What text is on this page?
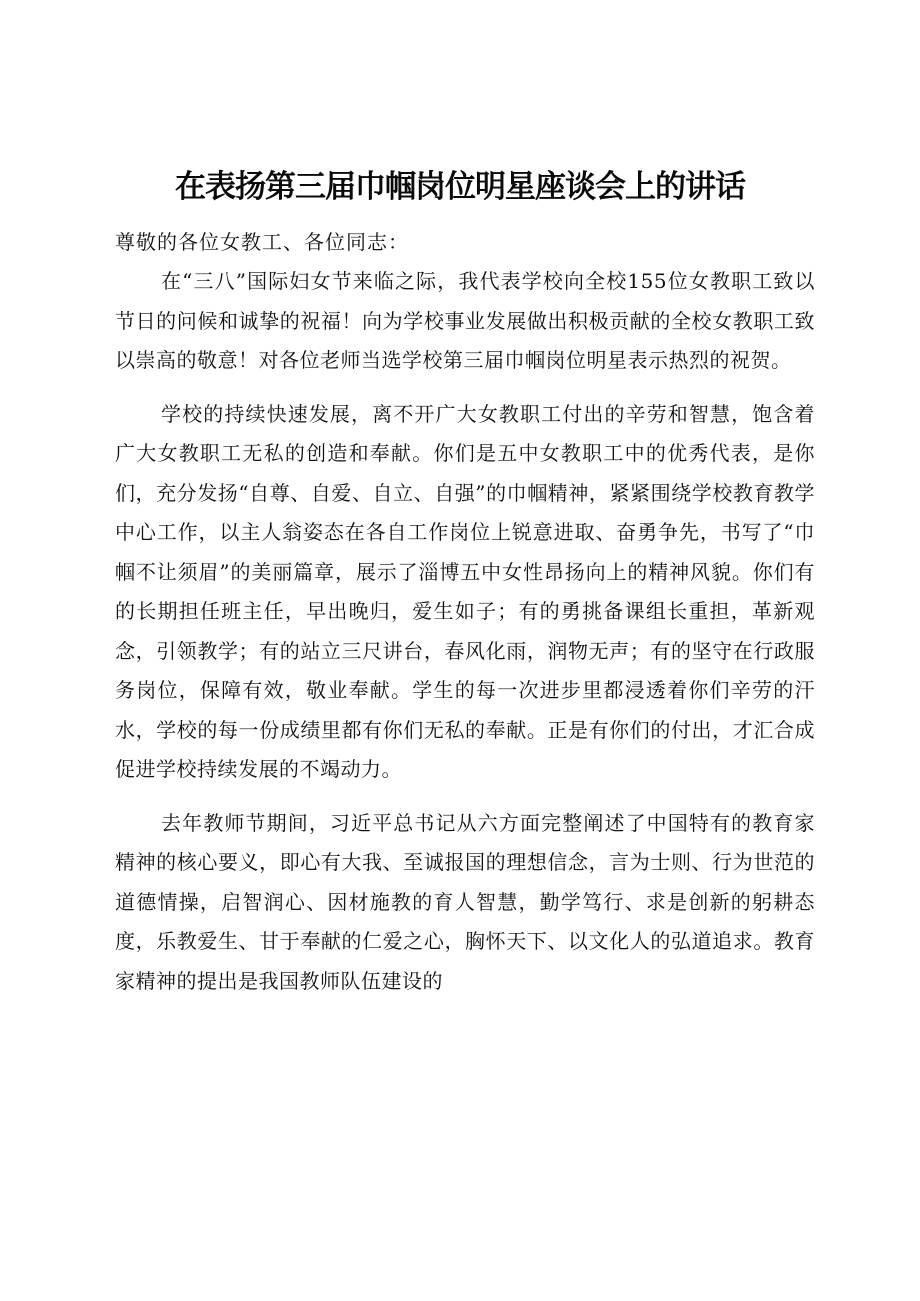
在表扬第三届巾帼岗位明星座谈会上的讲话

尊敬的各位女教工、各位同志：

在“三八”国际妇女节来临之际，我代表学校向全校155位女教职工致以节日的问候和诚挚的祝福！向为学校事业发展做出积极贡献的全校女教职工致以崇高的敬意！对各位老师当选学校第三届巾帼岗位明星表示热烈的祝贺。

学校的持续快速发展，离不开广大女教职工付出的辛劳和智慧，饱含着广大女教职工无私的创造和奉献。你们是五中女教职工中的优秀代表，是你们，充分发扬“自尊、自爱、自立、自强”的巾帼精神，紧紧围绕学校教育教学中心工作，以主人翁姿态在各自工作岗位上锐意进取、奋勇争先，书写了“巾帼不让须眉”的美丽篇章，展示了淄博五中女性昂扬向上的精神风貌。你们有的长期担任班主任，早出晚归，爱生如子；有的勇挑备课组长重担，革新观念，引领教学；有的站立三尺讲台，春风化雨，润物无声；有的坚守在行政服务岗位，保障有效，敬业奉献。学生的每一次进步里都浸透着你们辛劳的汗水，学校的每一份成绩里都有你们无私的奉献。正是有你们的付出，才汇合成促进学校持续发展的不竭动力。

去年教师节期间，习近平总书记从六方面完整阐述了中国特有的教育家精神的核心要义，即心有大我、至诚报国的理想信念，言为士则、行为世范的道德情操，启智润心、因材施教的育人智慧，勤学笃行、求是创新的躬耕态度，乐教爱生、甘于奉献的仁爱之心，胸怀天下、以文化人的弘道追求。教育家精神的提出是我国教师队伍建设的
